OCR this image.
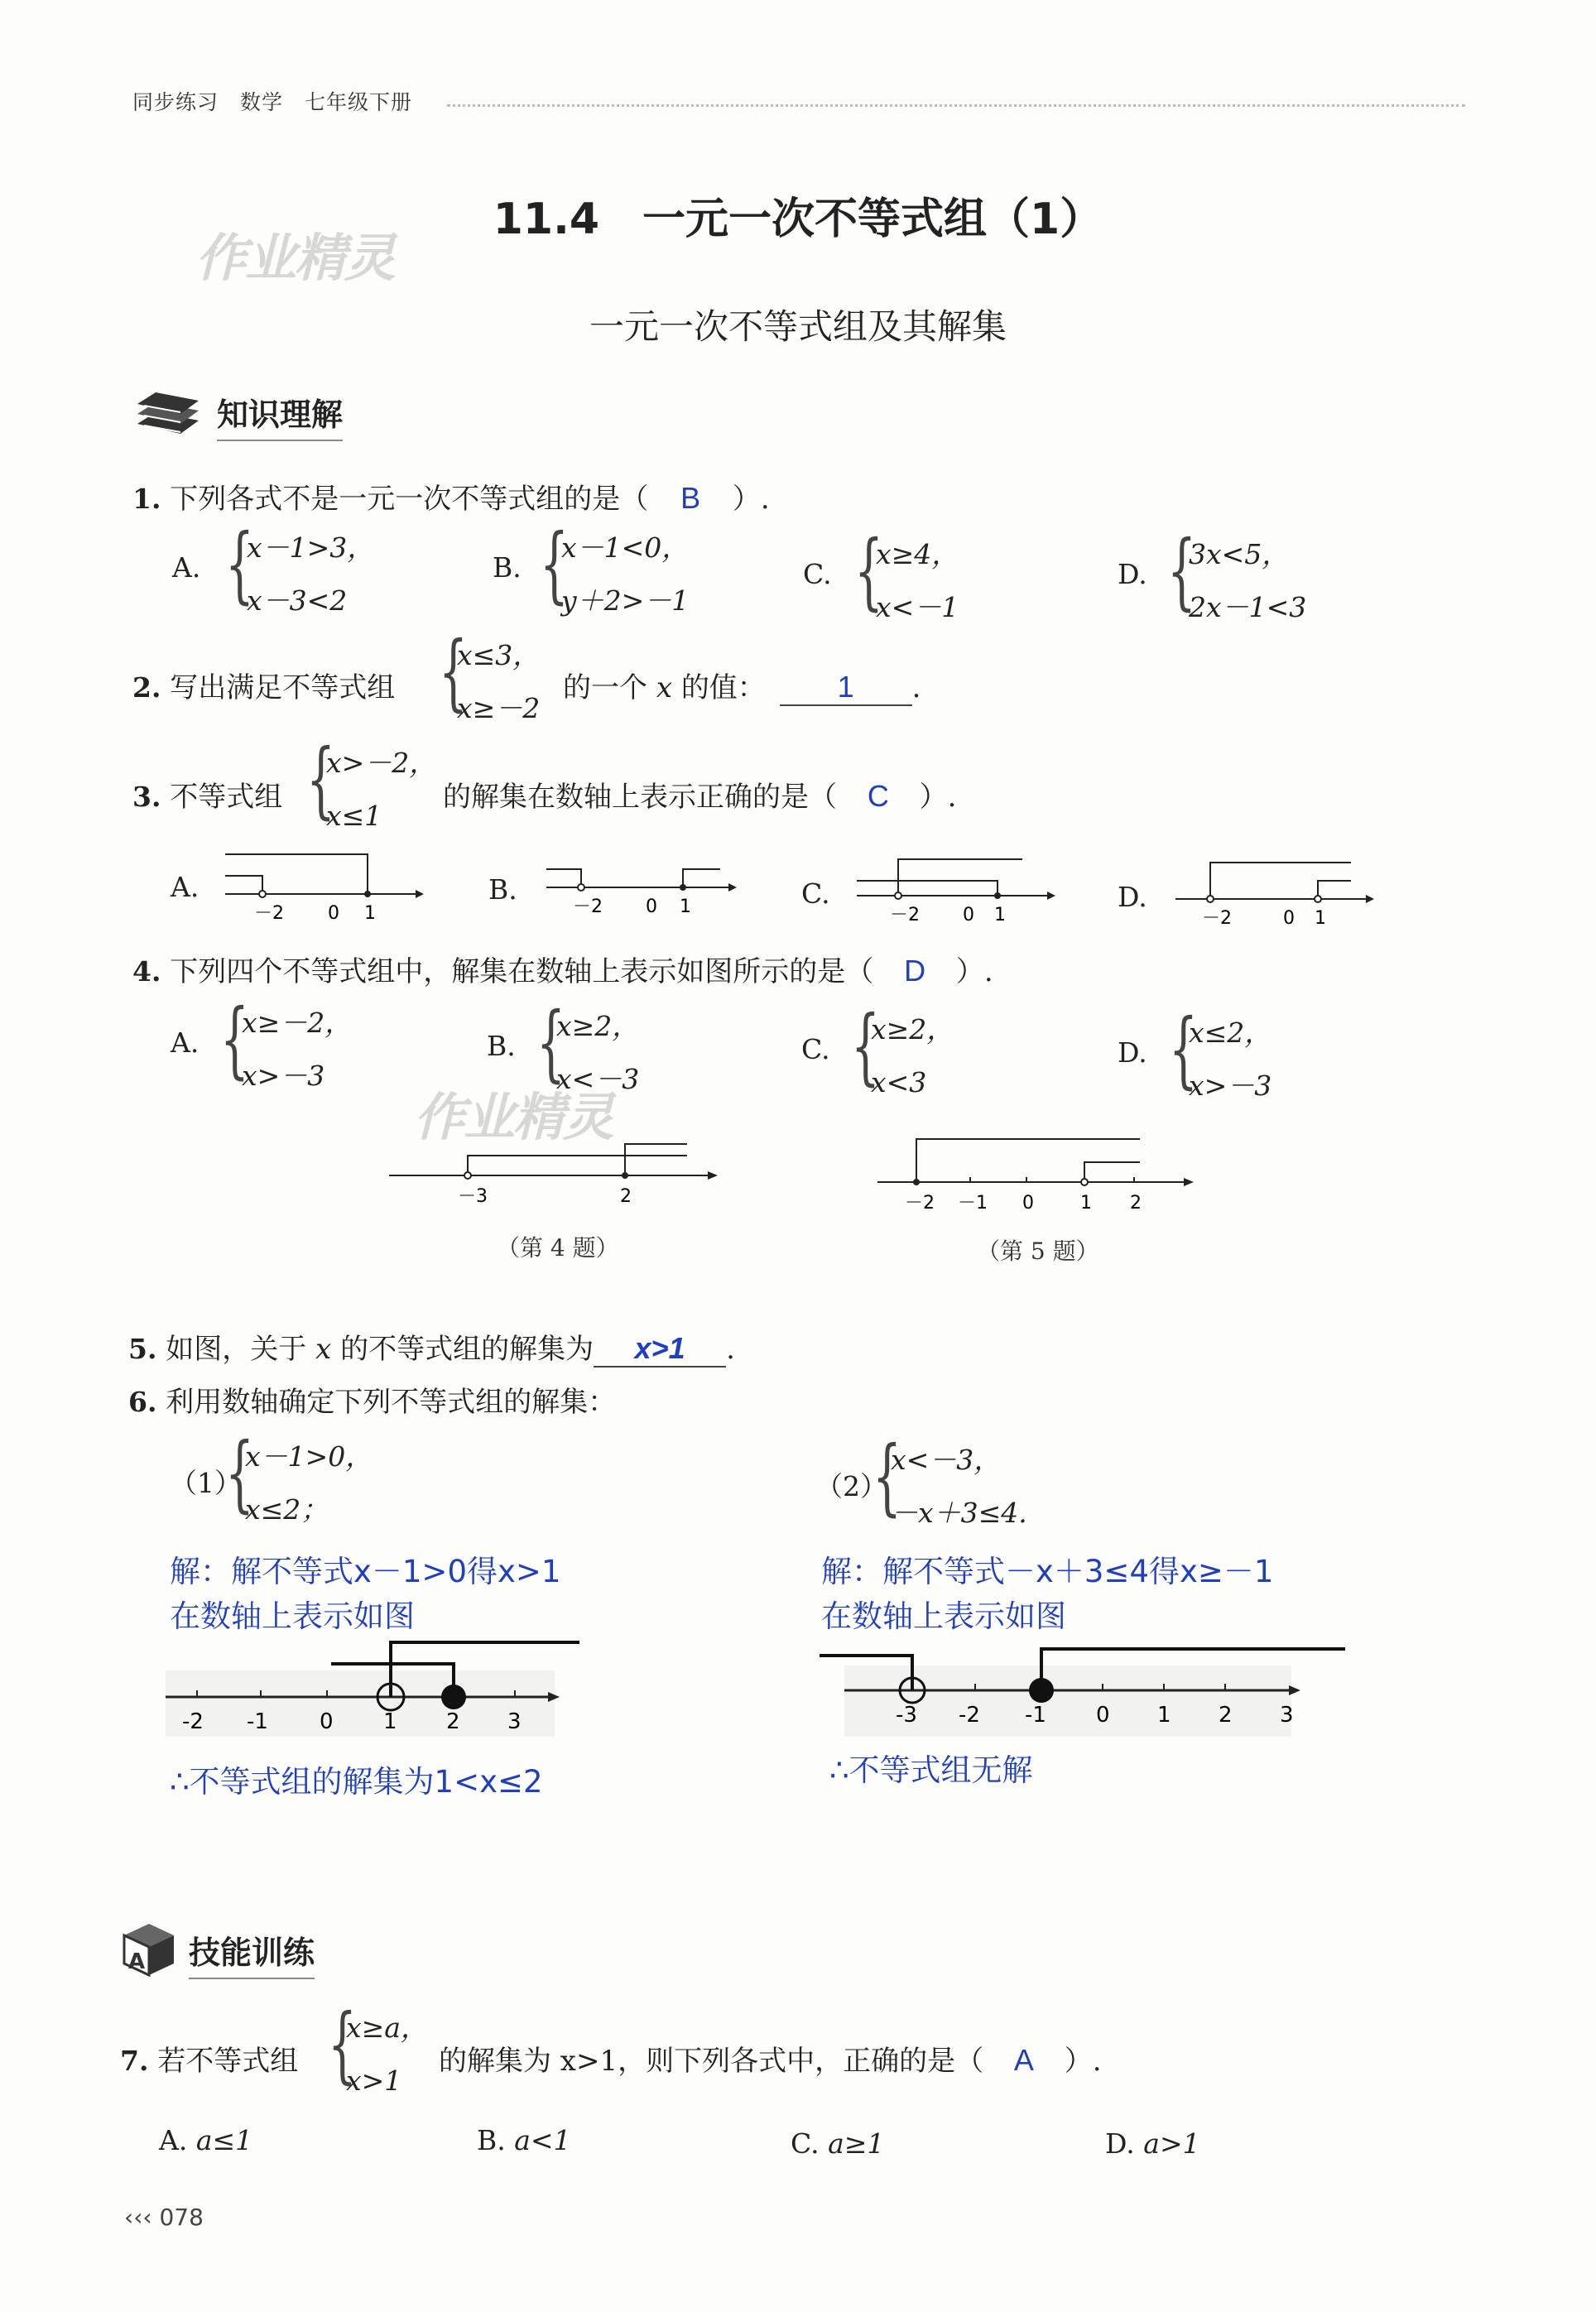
同步练习　数学　七年级下册
11.4　一元一次不等式组（1）
作业精灵
一元一次不等式组及其解集
知识理解
1. 下列各式不是一元一次不等式组的是（ B ）.
A. {
x－1>3，
x－3<2
B. {
x－1<0，
y＋2>－1
C. {
x≥4，
x<－1
D. {
3x<5，
2x－1<3
2. 写出满足不等式组 {
x≤3，
x≥－2
的一个 x 的值： 1 .
3. 不等式组 {
x>－2，
x≤1
的解集在数轴上表示正确的是（ C ）.
A.
－2 0 1
B.
－2 0 1	C.
－2 0 1
D.
－2	0 1
4. 下列四个不等式组中，解集在数轴上表示如图所示的是（ D ）.
A. {
x≥－2，
x>－3
B. {
x≥2，
x<－3
作业精灵
C. {
x≥2，
x<3
D. {
x≤2，
x>－3
－3	2
（第 4 题）
－2 －1 0	1 2
（第 5 题）
5. 如图，关于 x 的不等式组的解集为 x>1 .
6. 利用数轴确定下列不等式组的解集：
（1）
{
x－1>0，
x≤2；
解：解不等式x－1>0得x>1
在数轴上表示如图
-2 -1 0 1 2 3
∴不等式组的解集为1<x≤2
（2）
{
x<－3，
－x＋3≤4.
解：解不等式－x＋3≤4得x≥－1
在数轴上表示如图
-3 -2 -1 0 1 2 3
∴不等式组无解
A 技能训练
7. 若不等式组 {
x≥a，
x>1
的解集为 x>1，则下列各式中，正确的是（ A ）.
A. a≤1	B. a<1	C. a≥1	D. a>1
‹‹‹ 078
